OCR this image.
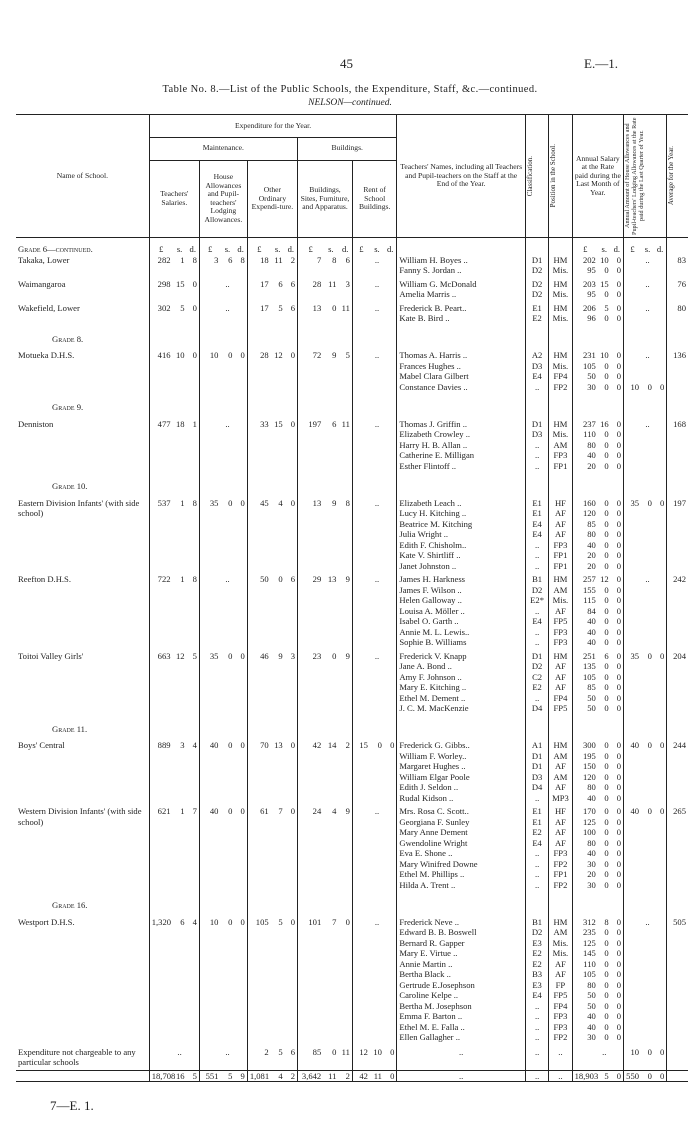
45	E.—1.
Table No. 8.—List of the Public Schools, the Expenditure, Staff, &c.—continued.
NELSON—continued.
Name of School.	Expenditure for the Year.															Teachers' Names, including all Teachers and Pupil-teachers on the Staff at the End of the Year.	Classification.	Position in the School.	Annual Salary at the Rate paid during the Last Month of Year.			Annual Amount of House Allowances and Pupil-teachers' Lodging Allowances at the Rate paid during the Last Quarter of Year.			Average for the Year.

	Maintenance.									Buildings.															
	Teachers' Salaries.			House Allowances and Pupil-teachers' Lodging Allowances.			Other Ordinary Expendi-ture.			Buildings, Sites, Furniture, and Apparatus.			Rent of School Buildings.												
Grade 6—continued.	£	s.	d.	£	s.	d.	£	s.	d.	£	s.	d.	£	s.	d.				£	s.	d.	£	s.	d.	
Takaka, Lower	282	1	8	3	6	8	18	11	2	7	8	6		..		William H. Boyes ..	D1	HM	202	10	0		..		83
																Fanny S. Jordan ..	D2	Mis.	95	0	0				

Waimangaroa	298	15	0		..		17	6	6	28	11	3		..		William G. McDonald	D2	HM	203	15	0		..		76
																Amelia Marris ..	D2	Mis.	95	0	0				

Wakefield, Lower	302	5	0		..		17	5	6	13	0	11		..		Frederick B. Peart..	E1	HM	206	5	0		..		80
																Kate B. Bird ..	E2	Mis.	96	0	0				
Grade 8.																									
Motueka D.H.S.	416	10	0	10	0	0	28	12	0	72	9	5		..		Thomas A. Harris ..	A2	HM	231	10	0		..		136
																Frances Hughes ..	D3	Mis.	105	0	0				
																Mabel Clara Gilbert	E4	FP4	50	0	0				
																Constance Davies ..	..	FP2	30	0	0	10	0	0	
Grade 9.																									
Denniston	477	18	1		..		33	15	0	197	6	11		..		Thomas J. Griffin ..	D1	HM	237	16	0		..		168
																Elizabeth Crowley ..	D3	Mis.	110	0	0				
																Harry H. B. Allan ..	..	AM	80	0	0				
																Catherine E. Milligan	..	FP3	40	0	0				
																Esther Flintoff ..	..	FP1	20	0	0				
Grade 10.																									
Eastern Division Infants' (with side school)	537	1	8	35	0	0	45	4	0	13	9	8		..		Elizabeth Leach ..	E1	HF	160	0	0	35	0	0	197
																Lucy H. Kitching ..	E1	AF	120	0	0				
																Beatrice M. Kitching	E4	AF	85	0	0				
																Julia Wright ..	E4	AF	80	0	0				
																Edith F. Chisholm..	..	FP3	40	0	0				
																Kate V. Shirtliff ..	..	FP1	20	0	0				
																Janet Johnston ..	..	FP1	20	0	0				

Reefton D.H.S.	722	1	8		..		50	0	6	29	13	9		..		James H. Harkness	B1	HM	257	12	0		..		242
																James F. Wilson ..	D2	AM	155	0	0				
																Helen Galloway ..	E2*	Mis.	115	0	0				
																Louisa A. Möller ..	..	AF	84	0	0				
																Isabel O. Garth ..	E4	FP5	40	0	0				
																Annie M. L. Lewis..	..	FP3	40	0	0				
																Sophie B. Williams	..	FP3	40	0	0				

Toitoi Valley Girls'	663	12	5	35	0	0	46	9	3	23	0	9		..		Frederick V. Knapp	D1	HM	251	6	0	35	0	0	204
																Jane A. Bond ..	D2	AF	135	0	0				
																Amy F. Johnson ..	C2	AF	105	0	0				
																Mary E. Kitching ..	E2	AF	85	0	0				
																Ethel M. Dement ..	..	FP4	50	0	0				
																J. C. M. MacKenzie	D4	FP5	50	0	0				
Grade 11.																									
Boys' Central	889	3	4	40	0	0	70	13	0	42	14	2	15	0	0	Frederick G. Gibbs..	A1	HM	300	0	0	40	0	0	244
																William F. Worley..	D1	AM	195	0	0				
																Margaret Hughes ..	D1	AF	150	0	0				
																William Elgar Poole	D3	AM	120	0	0				
																Edith J. Seldon ..	D4	AF	80	0	0				
																Rudal Kidson ..	..	MP3	40	0	0				

Western Division Infants' (with side school)	621	1	7	40	0	0	61	7	0	24	4	9		..		Mrs. Rosa C. Scott..	E1	HF	170	0	0	40	0	0	265
																Georgiana F. Sunley	E1	AF	125	0	0				
																Mary Anne Dement	E2	AF	100	0	0				
																Gwendoline Wright	E4	AF	80	0	0				
																Eva E. Shone ..	..	FP3	40	0	0				
																Mary Winifred Downe	..	FP2	30	0	0				
																Ethel M. Phillips ..	..	FP1	20	0	0				
																Hilda A. Trent ..	..	FP2	30	0	0				
Grade 16.																									
Westport D.H.S.	1,320	6	4	10	0	0	105	5	0	101	7	0		..		Frederick Neve ..	B1	HM	312	8	0		..		505
																Edward B. B. Boswell	D2	AM	235	0	0				
																Bernard R. Gapper	E3	Mis.	125	0	0				
																Mary E. Virtue ..	E2	Mis.	145	0	0				
																Annie Martin ..	E2	AF	110	0	0				
																Bertha Black ..	B3	AF	105	0	0				
																Gertrude E.Josephson	E3	FP	80	0	0				
																Caroline Kelpe ..	E4	FP5	50	0	0				
																Bertha M. Josephson	..	FP4	50	0	0				
																Emma F. Barton ..	..	FP3	40	0	0				
																Ethel M. E. Falla ..	..	FP3	40	0	0				
																Ellen Gallagher ..	..	FP2	30	0	0				

Expenditure not chargeable to any particular schools		..			..		2	5	6	85	0	11	12	10	0	..	..	..		..		10	0	0	

	18,708	16	5	551	5	9	1,081	4	2	3,642	11	2	42	11	0	..	..	..	18,903	5	0	550	0	0	
7—E. 1.
